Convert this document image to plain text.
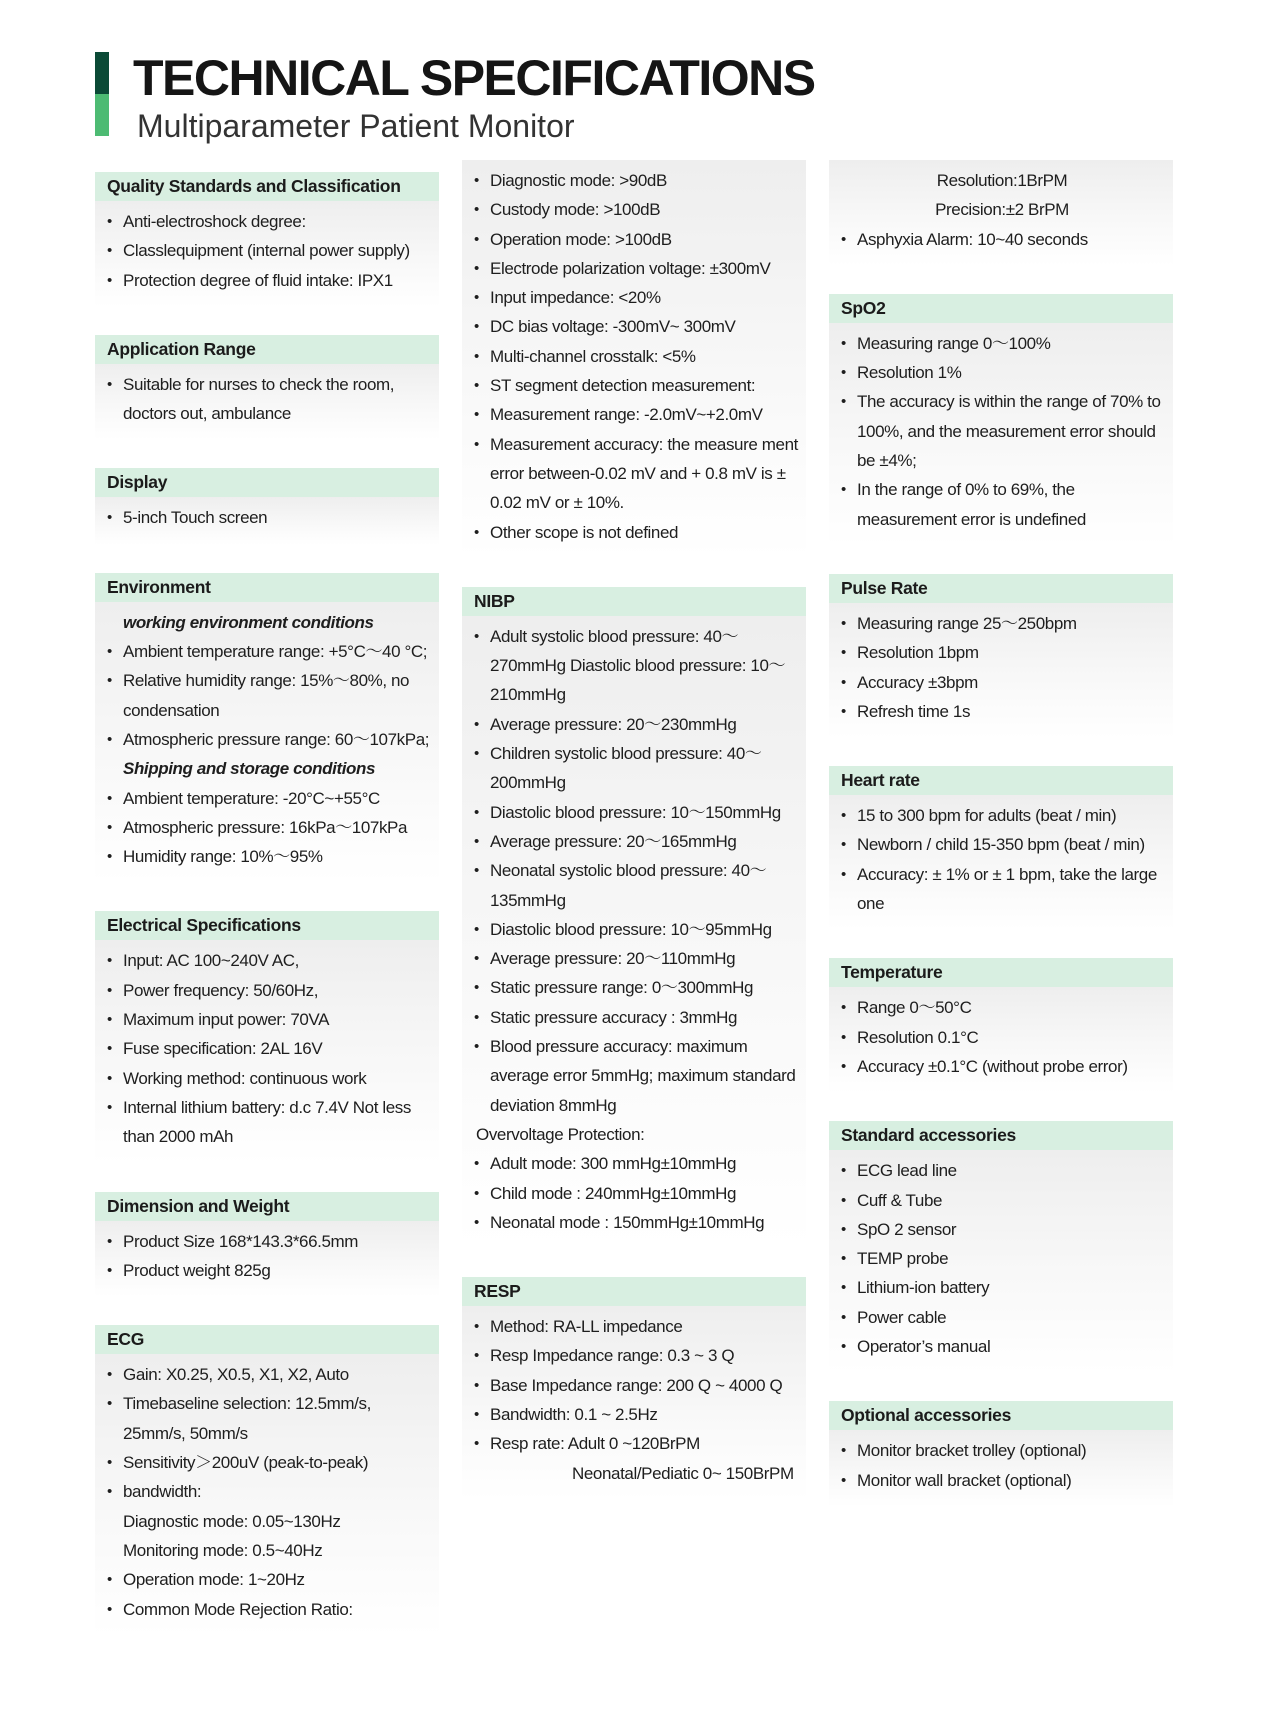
TECHNICAL SPECIFICATIONS
Multiparameter Patient Monitor
Quality Standards and Classification
• Anti-electroshock degree:
• Classlequipment (internal power supply)
• Protection degree of fluid intake: IPX1
Application Range
• Suitable for nurses to check the room, doctors out, ambulance
Display
• 5-inch Touch screen
Environment
working environment conditions
• Ambient temperature range: +5°C～40 °C;
• Relative humidity range: 15%～80%, no condensation
• Atmospheric pressure range: 60～107kPa;
Shipping and storage conditions
• Ambient temperature: -20°C~+55°C
• Atmospheric pressure: 16kPa～107kPa
• Humidity range: 10%～95%
Electrical Specifications
• Input: AC 100~240V AC,
• Power frequency: 50/60Hz,
• Maximum input power: 70VA
• Fuse specification: 2AL 16V
• Working method: continuous work
• Internal lithium battery: d.c 7.4V Not less than 2000 mAh
Dimension and Weight
• Product Size 168*143.3*66.5mm
• Product weight 825g
ECG
• Gain: X0.25, X0.5, X1, X2, Auto
• Timebaseline selection: 12.5mm/s, 25mm/s, 50mm/s
• Sensitivity＞200uV (peak-to-peak)
• bandwidth:
Diagnostic mode: 0.05~130Hz
Monitoring mode: 0.5~40Hz
• Operation mode: 1~20Hz
• Common Mode Rejection Ratio:
• Diagnostic mode: >90dB
• Custody mode: >100dB
• Operation mode: >100dB
• Electrode polarization voltage: ±300mV
• Input impedance: <20%
• DC bias voltage: -300mV~ 300mV
• Multi-channel crosstalk: <5%
• ST segment detection measurement:
• Measurement range: -2.0mV~+2.0mV
• Measurement accuracy: the measure ment error between-0.02 mV and + 0.8 mV is ± 0.02 mV or ± 10%.
• Other scope is not defined
NIBP
• Adult systolic blood pressure: 40～270mmHg Diastolic blood pressure: 10～210mmHg
• Average pressure: 20～230mmHg
• Children systolic blood pressure: 40～200mmHg
• Diastolic blood pressure: 10～150mmHg
• Average pressure: 20～165mmHg
• Neonatal systolic blood pressure: 40～135mmHg
• Diastolic blood pressure: 10～95mmHg
• Average pressure: 20～110mmHg
• Static pressure range: 0～300mmHg
• Static pressure accuracy : 3mmHg
• Blood pressure accuracy: maximum average error 5mmHg; maximum standard deviation 8mmHg
Overvoltage Protection:
• Adult mode: 300 mmHg±10mmHg
• Child mode : 240mmHg±10mmHg
• Neonatal mode : 150mmHg±10mmHg
RESP
• Method: RA-LL impedance
• Resp Impedance range: 0.3 ~ 3 Q
• Base Impedance range: 200 Q ~ 4000 Q
• Bandwidth: 0.1 ~ 2.5Hz
• Resp rate: Adult 0 ~120BrPM
Neonatal/Pediatic 0~ 150BrPM
Resolution:1BrPM
Precision:±2 BrPM
• Asphyxia Alarm: 10~40 seconds
SpO2
• Measuring range 0～100%
• Resolution 1%
• The accuracy is within the range of 70% to 100%, and the measurement error should be ±4%;
• In the range of 0% to 69%, the measurement error is undefined
Pulse Rate
• Measuring range 25～250bpm
• Resolution 1bpm
• Accuracy ±3bpm
• Refresh time 1s
Heart rate
• 15 to 300 bpm for adults (beat / min)
• Newborn / child 15-350 bpm (beat / min)
• Accuracy: ± 1% or ± 1 bpm, take the large one
Temperature
• Range 0～50°C
• Resolution 0.1°C
• Accuracy ±0.1°C (without probe error)
Standard accessories
• ECG lead line
• Cuff & Tube
• SpO 2 sensor
• TEMP probe
• Lithium-ion battery
• Power cable
• Operator’s manual
Optional accessories
• Monitor bracket trolley (optional)
• Monitor wall bracket (optional)
